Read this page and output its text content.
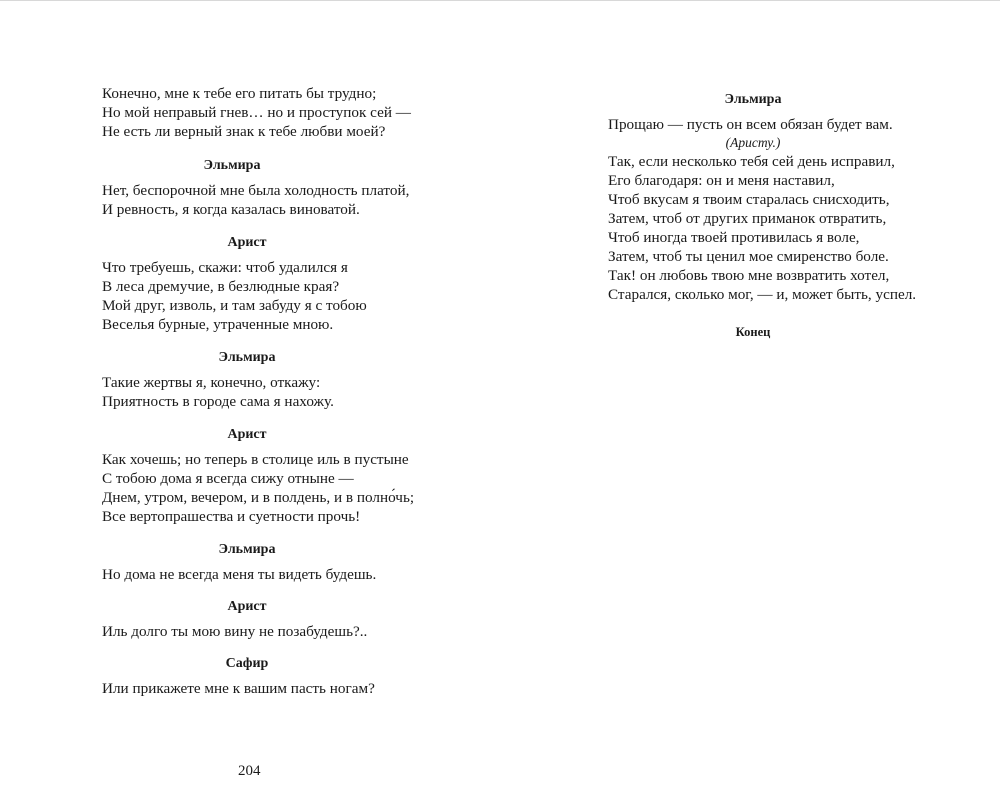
Конечно, мне к тебе его питать бы трудно;
Но мой неправый гнев… но и проступок сей —
Не есть ли верный знак к тебе любви моей?
Эльмира
Нет, беспорочной мне была холодность платой,
И ревность, я когда казалась виноватой.
Арист
Что требуешь, скажи: чтоб удалился я
В леса дремучие, в безлюдные края?
Мой друг, изволь, и там забуду я с тобою
Веселья бурные, утраченные мною.
Эльмира
Такие жертвы я, конечно, откажу:
Приятность в городе сама я нахожу.
Арист
Как хочешь; но теперь в столице иль в пустыне
С тобою дома я всегда сижу отныне —
Днем, утром, вечером, и в полдень, и в полно́чь;
Все вертопрашества и суетности прочь!
Эльмира
Но дома не всегда меня ты видеть будешь.
Арист
Иль долго ты мою вину не позабудешь?..
Сафир
Или прикажете мне к вашим пасть ногам?
204
Эльмира
Прощаю — пусть он всем обязан будет вам.
(Аристу.)
Так, если несколько тебя сей день исправил,
Его благодаря: он и меня наставил,
Чтоб вкусам я твоим старалась снисходить,
Затем, чтоб от других приманок отвратить,
Чтоб иногда твоей противилась я воле,
Затем, чтоб ты ценил мое смиренство боле.
Так! он любовь твою мне возвратить хотел,
Старался, сколько мог, — и, может быть, успел.
Конец
